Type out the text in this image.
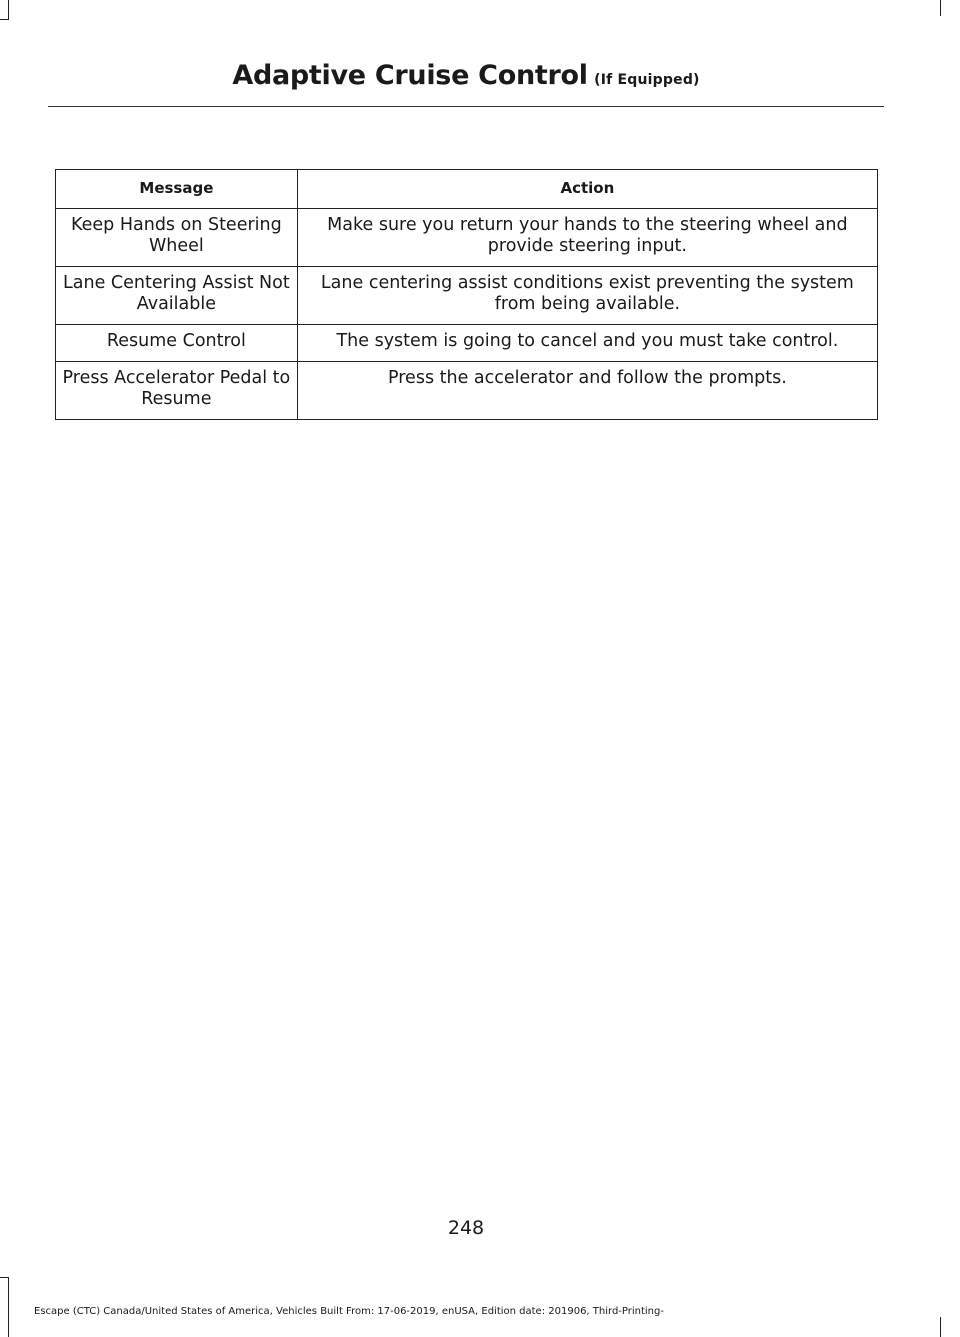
Adaptive Cruise Control (If Equipped)
Message	Action
Keep Hands on Steering Wheel	Make sure you return your hands to the steering wheel and provide steering input.
Lane Centering Assist Not Available	Lane centering assist conditions exist preventing the system from being available.
Resume Control	The system is going to cancel and you must take control.
Press Accelerator Pedal to Resume	Press the accelerator and follow the prompts.
248
Escape (CTC) Canada/United States of America, Vehicles Built From: 17-06-2019, enUSA, Edition date: 201906, Third-Printing-
